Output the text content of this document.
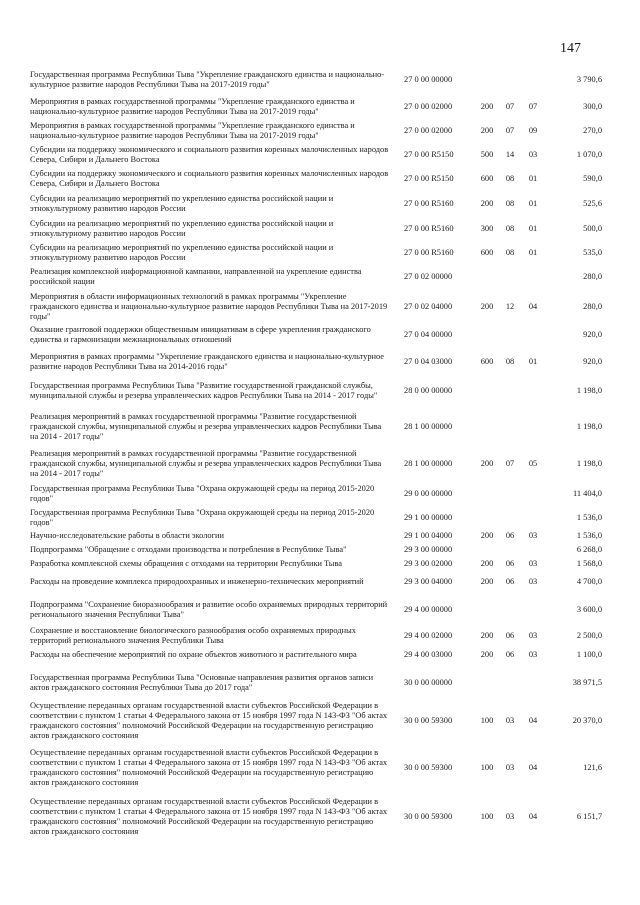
147
Государственная программа Республики Тыва "Укрепление гражданского единства и национально-культурное развитие народов Республики Тыва на 2017-2019 годы"
27 0 00 00000	3 790,6
Мероприятия в рамках государственной программы "Укрепление гражданского единства и национально-культурное развитие народов Республики Тыва на 2017-2019 годы"
27 0 00 02000	200	07	07	300,0
Мероприятия в рамках государственной программы "Укрепление гражданского единства и национально-культурное развитие народов Республики Тыва на 2017-2019 годы"
27 0 00 02000	200	07	09	270,0
Субсидии на поддержку экономического и социального развития коренных малочисленных народов Севера, Сибири и Дальнего Востока
27 0 00 R5150	500	14	03	1 070,0
Субсидии на поддержку экономического и социального развития коренных малочисленных народов Севера, Сибири и Дальнего Востока
27 0 00 R5150	600	08	01	590,0
Субсидии на реализацию мероприятий по укреплению единства российской нации и этнокультурному развитию народов России
27 0 00 R5160	200	08	01	525,6
Субсидии на реализацию мероприятий по укреплению единства российской нации и этнокультурному развитию народов России
27 0 00 R5160	300	08	01	500,0
Субсидии на реализацию мероприятий по укреплению единства российской нации и этнокультурному развитию народов России
27 0 00 R5160	600	08	01	535,0
Реализация комплексной информационной кампании, направленной на укрепление единства российской нации
27 0 02 00000	280,0
Мероприятия в области информационных технологий в рамках программы "Укрепление гражданского единства и национально-культурное развитие народов Республики Тыва на 2017-2019 годы"
27 0 02 04000	200	12	04	280,0
Оказание грантовой поддержки общественным инициативам в сфере укрепления гражданского единства и гармонизации межнациональных отношений
27 0 04 00000	920,0
Мероприятия в рамках программы "Укрепление гражданского единства и национально-культурное развитие народов Республики Тыва на 2014-2016 годы"
27 0 04 03000	600	08	01	920,0
Государственная программа Республики Тыва "Развитие государственной гражданской службы, муниципальной службы и резерва управленческих кадров Республики Тыва на 2014 - 2017 годы"
28 0 00 00000	1 198,0
Реализация мероприятий в рамках государственной программы "Развитие государственной гражданской службы, муниципальной службы и резерва управленческих кадров Республики Тыва на 2014 - 2017 годы"
28 1 00 00000	1 198,0
Реализация мероприятий в рамках государственной программы "Развитие государственной гражданской службы, муниципальной службы и резерва управленческих кадров Республики Тыва на 2014 - 2017 годы"
28 1 00 00000	200	07	05	1 198,0
Государственная программа Республики Тыва "Охрана окружающей среды на период 2015-2020 годов"
29 0 00 00000	11 404,0
Государственная программа Республики Тыва "Охрана окружающей среды на период 2015-2020 годов"
29 1 00 00000	1 536,0
Научно-исследовательские работы в области экологии	29 1 00 04000	200	06	03	1 536,0
Подпрограмма "Обращение с отходами производства и потребления в Республике Тыва"	29 3 00 00000	6 268,0
Разработка комплексной схемы обращения с отходами на территории Республики Тыва	29 3 00 02000	200	06	03	1 568,0
Расходы на проведение комплекса природоохранных и инженерно-технических мероприятий	29 3 00 04000	200	06	03	4 700,0
Подпрограмма "Сохранение биоразнообразия и развитие особо охраняемых природных территорий регионального значения Республики Тыва"
29 4 00 00000	3 600,0
Сохранение и восстановление биологического разнообразия особо охраняемых природных территорий регионального значения Республики Тыва
29 4 00 02000	200	06	03	2 500,0
Расходы на обеспечение мероприятий по охране объектов животного и растительного мира	29 4 00 03000	200	06	03	1 100,0
Государственная программа Республики Тыва "Основные направления развития органов записи актов гражданского состояния Республики Тыва до 2017 года"
30 0 00 00000	38 971,5
Осуществление переданных органам государственной власти субъектов Российской Федерации в соответствии с пунктом 1 статьи 4 Федерального закона от 15 ноября 1997 года N 143-ФЗ "Об актах гражданского состояния" полномочий Российской Федерации на государственную регистрацию актов гражданского состояния
30 0 00 59300	100	03	04	20 370,0
Осуществление переданных органам государственной власти субъектов Российской Федерации в соответствии с пунктом 1 статьи 4 Федерального закона от 15 ноября 1997 года N 143-ФЗ "Об актах гражданского состояния" полномочий Российской Федерации на государственную регистрацию актов гражданского состояния
30 0 00 59300	100	03	04	121,6
Осуществление переданных органам государственной власти субъектов Российской Федерации в соответствии с пунктом 1 статьи 4 Федерального закона от 15 ноября 1997 года N 143-ФЗ "Об актах гражданского состояния" полномочий Российской Федерации на государственную регистрацию актов гражданского состояния
30 0 00 59300	100	03	04	6 151,7
